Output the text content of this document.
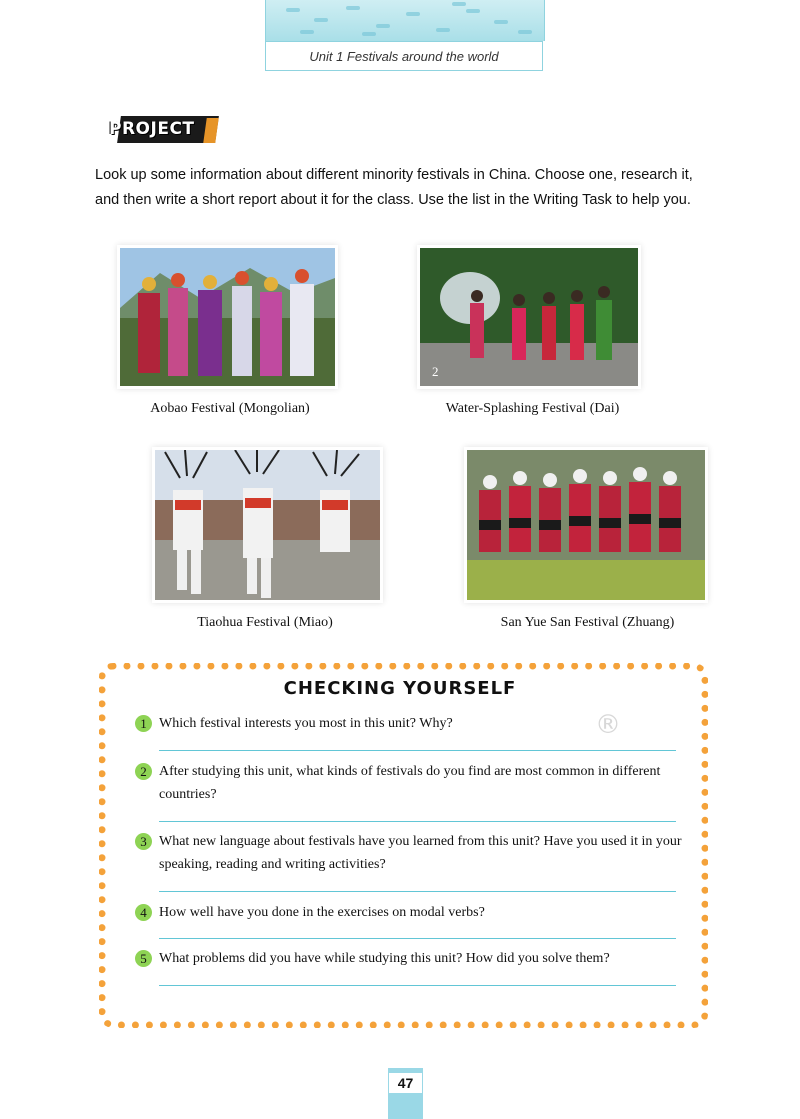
Unit 1 Festivals around the world
PROJECT
Look up some information about different minority festivals in China. Choose one, research it, and then write a short report about it for the class. Use the list in the Writing Task to help you.
Aobao Festival (Mongolian)
2
Water-Splashing Festival (Dai)
Tiaohua Festival (Miao)	San Yue San Festival (Zhuang)
CHECKING YOURSELF
®
1 Which festival interests you most in this unit? Why?
2 After studying this unit, what kinds of festivals do you find are most common in different countries?
3 What new language about festivals have you learned from this unit? Have you used it in your speaking, reading and writing activities?
4 How well have you done in the exercises on modal verbs?
5 What problems did you have while studying this unit? How did you solve them?
47
